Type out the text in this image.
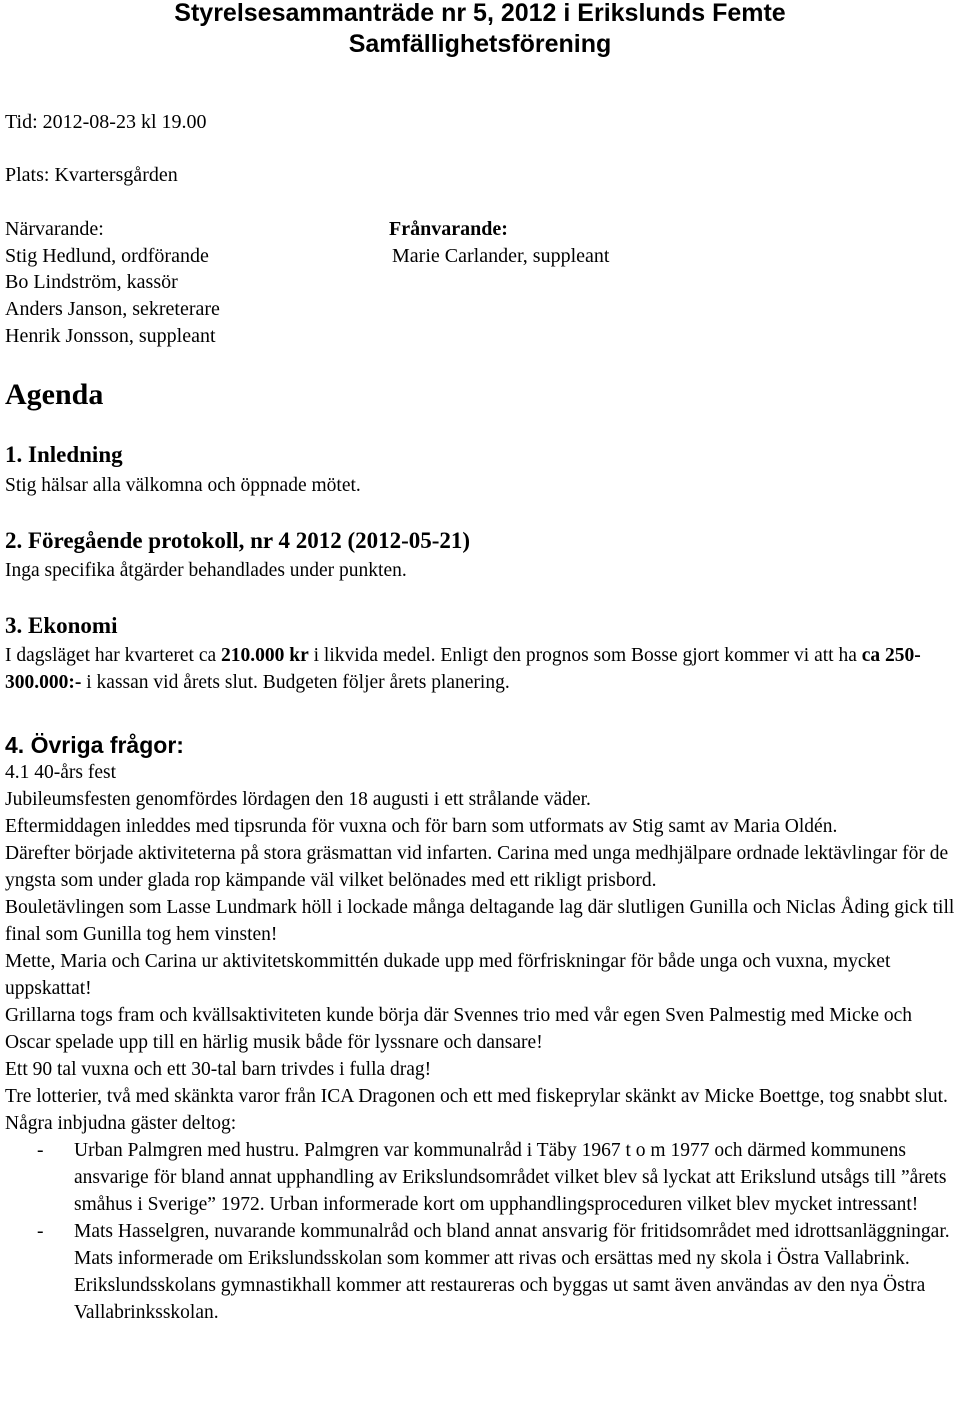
Styrelsesammanträde nr 5, 2012 i Erikslunds Femte
Samfällighetsförening
Tid: 2012-08-23 kl 19.00
Plats: Kvartersgården
Närvarande:
Stig Hedlund, ordförande
Bo Lindström, kassör
Anders Janson, sekreterare
Henrik Jonsson, suppleant
Frånvarande:
Marie Carlander, suppleant
Agenda
1. Inledning
Stig hälsar alla välkomna och öppnade mötet.
2. Föregående protokoll, nr 4 2012 (2012-05-21)
Inga specifika åtgärder behandlades under punkten.
3. Ekonomi
I dagsläget har kvarteret ca 210.000 kr i likvida medel. Enligt den prognos som Bosse gjort kommer vi att ha ca 250-300.000:- i kassan vid årets slut. Budgeten följer årets planering.
4. Övriga frågor:

4.1 40-års fest

Jubileumsfesten genomfördes lördagen den 18 augusti i ett strålande väder.

Eftermiddagen inleddes med tipsrunda för vuxna och för barn som utformats av Stig samt av Maria Oldén.

Därefter började aktiviteterna på stora gräsmattan vid infarten. Carina med unga medhjälpare ordnade lektävlingar för de yngsta som under glada rop kämpande väl vilket belönades med ett rikligt prisbord.

Bouletävlingen som Lasse Lundmark höll i lockade många deltagande lag där slutligen Gunilla och Niclas Åding gick till final som Gunilla tog hem vinsten!

Mette, Maria och Carina ur aktivitetskommittén dukade upp med förfriskningar för både unga och vuxna, mycket uppskattat!

Grillarna togs fram och kvällsaktiviteten kunde börja där Svennes trio med vår egen Sven Palmestig med Micke och Oscar spelade upp till en härlig musik både för lyssnare och dansare!

Ett 90 tal vuxna och ett 30-tal barn trivdes i fulla drag!

Tre lotterier, två med skänkta varor från ICA Dragonen och ett med fiskeprylar skänkt av Micke Boettge, tog snabbt slut.

Några inbjudna gäster deltog:

- Urban Palmgren med hustru. Palmgren var kommunalråd i Täby 1967 t o m 1977 och därmed kommunens ansvarige för bland annat upphandling av Erikslundsområdet vilket blev så lyckat att Erikslund utsågs till ”årets småhus i Sverige” 1972. Urban informerade kort om upphandlingsproceduren vilket blev mycket intressant!
- Mats Hasselgren, nuvarande kommunalråd och bland annat ansvarig för fritidsområdet med idrottsanläggningar. Mats informerade om Erikslundsskolan som kommer att rivas och ersättas med ny skola i Östra Vallabrink. Erikslundsskolans gymnastikhall kommer att restaureras och byggas ut samt även användas av den nya Östra Vallabrinksskolan.
